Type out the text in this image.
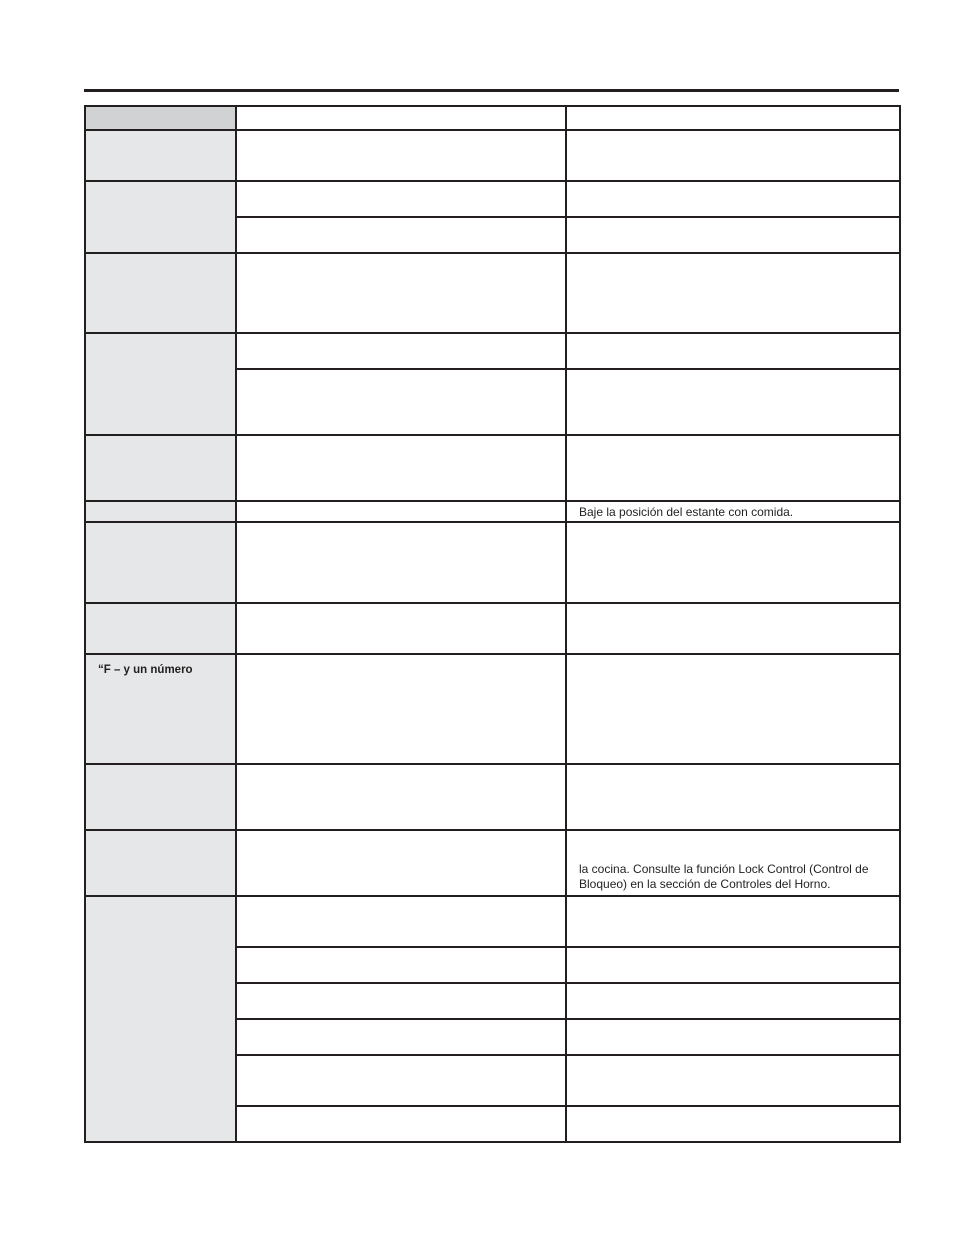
		Baje la posición del estante con comida.

“F – y un número		

		la cocina. Consulte la función Lock Control (Control de Bloqueo) en la sección de Controles del Horno.
